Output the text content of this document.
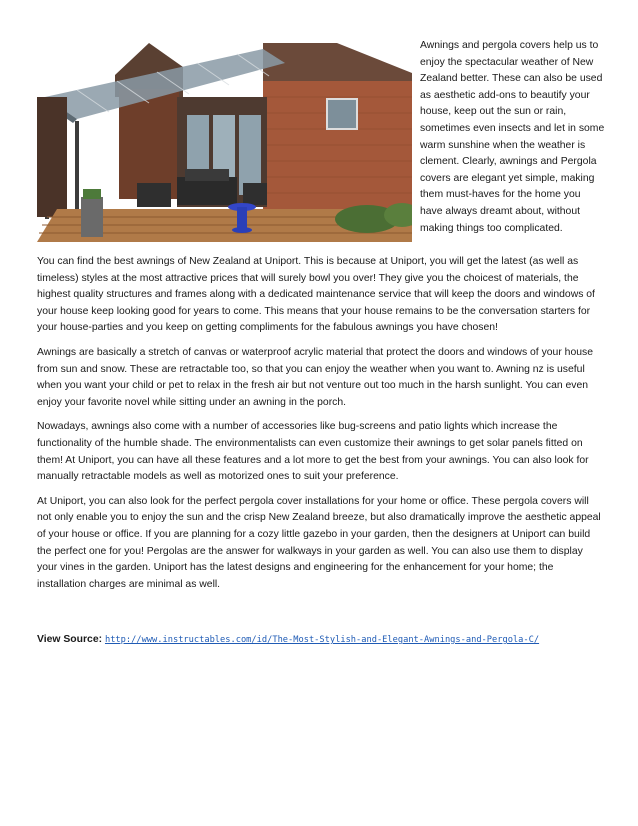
Awnings and pergola covers help us to enjoy the spectacular weather of New Zealand better. These can also be used as aesthetic add-ons to beautify your house, keep out the sun or rain, sometimes even insects and let in some warm sunshine when the weather is clement. Clearly, awnings and Pergola covers are elegant yet simple, making them must-haves for the home you have always dreamt about, without making things too complicated.

You can find the best awnings of New Zealand at Uniport. This is because at Uniport, you will get the latest (as well as timeless) styles at the most attractive prices that will surely bowl you over! They give you the choicest of materials, the highest quality structures and frames along with a dedicated maintenance service that will keep the doors and windows of your house keep looking good for years to come. This means that your house remains to be the conversation starters for your house-parties and you keep on getting compliments for the fabulous awnings you have chosen!

Awnings are basically a stretch of canvas or waterproof acrylic material that protect the doors and windows of your house from sun and snow. These are retractable too, so that you can enjoy the weather when you want to. Awning nz is useful when you want your child or pet to relax in the fresh air but not venture out too much in the harsh sunlight. You can even enjoy your favorite novel while sitting under an awning in the porch.

Nowadays, awnings also come with a number of accessories like bug-screens and patio lights which increase the functionality of the humble shade. The environmentalists can even customize their awnings to get solar panels fitted on them! At Uniport, you can have all these features and a lot more to get the best from your awnings. You can also look for manually retractable models as well as motorized ones to suit your preference.

At Uniport, you can also look for the perfect pergola cover installations for your home or office. These pergola covers will not only enable you to enjoy the sun and the crisp New Zealand breeze, but also dramatically improve the aesthetic appeal of your house or office. If you are planning for a cozy little gazebo in your garden, then the designers at Uniport can build the perfect one for you! Pergolas are the answer for walkways in your garden as well. You can also use them to display your vines in the garden. Uniport has the latest designs and engineering for the enhancement for your home; the installation charges are minimal as well.

View Source: http://www.instructables.com/id/The-Most-Stylish-and-Elegant-Awnings-and-Pergola-C/
